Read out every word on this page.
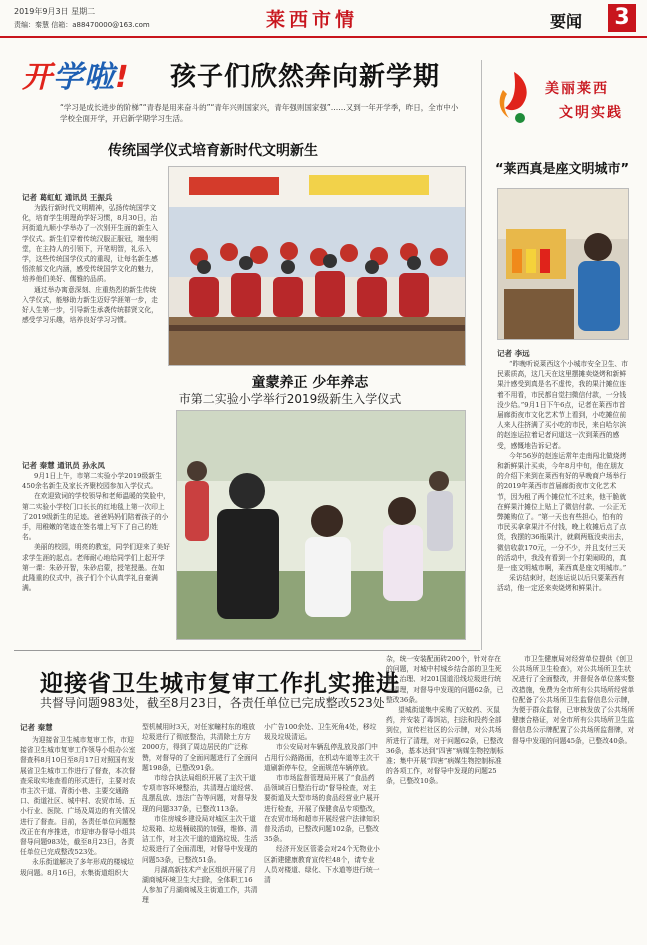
2019年9月3日 星期二
责编：秦慧 信箱：a88470000@163.com	莱西市情	要闻 3
开学啦! 孩子们欣然奔向新学期
“学习是成长进步的阶梯”“青春是用来奋斗的”“青年兴则国家兴，青年强则国家强”……又到一年开学季，昨日，全市中小学校全面开学，开启新学期学习生活。
传统国学仪式培育新时代文明新生
记者 葛虹虹 通讯员 王振兵

为践行新时代文明精神，弘扬传统国学文化，培育学生明理尚学好习惯，8月30日，治河街道九顺小学举办了一次别开生面的新生入学仪式。新生们穿着传统汉服正服冠，端坐明堂，在主持人的引领下，开笔明智，礼乐入学，这些传统国学仪式的重现，让每名新生感悟浓郁文化内涵，感受传统国学文化的魅力，培养他们美好、儒雅的品质。

通过举办寓意深刻、庄重热烈的新生传统入学仪式，能够助力新生迈好学涯第一步，走好人生第一步，引导新生承袭传统群贤文化，感受学习乐趣，培养良好学习习惯。

童蒙养正 少年养志
市第二实验小学举行2019级新生入学仪式
记者 秦慧 通讯员 孙永凤

9月1日上午，市第二实验小学2019级新生450余名新生及家长齐聚校园参加入学仪式。

在欢迎致词的学校领导和老师温暖的笑脸中，第二实验小学校门口长长的红地毯上第一次印上了2019级新生的足迹。爸爸妈妈们陪着孩子的小手，用稚嫩的笔迹在签名墙上写下了自己的姓名。

美丽的校园，明亮的教室，同学们迎来了美好求学生涯的起点。老师耐心地给同学们上起开学第一课：朱砂开智，朱砂启蒙，授笔授墨。在如此隆重的仪式中，孩子们个个认真学礼自豪满满。

美丽莱西
文明实践
“莱西真是座文明城市”
记者 李远

“昨晚听说莱西这个小城市安全卫生、市民素质高，这几天在这里摆摊卖烧烤和新鲜果汁感受到真是名不虚传，我的果汁摊位连着不用看，市民都自觉扫微信付款，一分钱没少给。”9月1日下午6点，记者在莱西市首届廊街夜市文化艺术节上看到，小吃摊位前人来人往挤满了买小吃的市民，来自哈尔滨的赵连运拉着记者问道这一次到莱西的感受，感慨地告诉记者。

今年56岁的赵连运常年走南闯北做烧烤和新鲜果汁买卖，今年8月中旬，他在朋友的介绍下来到在莱西有好的早晚商户场举行的2019年莱西市首届廊街夜市文化艺术节，因为租了两个摊位忙不过来，他干脆就在鲜果汁摊位上贴上了微信付款、一公正无弊摊购位了。“第一天也有些担心，怕有的市民买拿拿果汁不付钱，晚上收摊后点了点货，我摆的36瓶果汁，就剩两瓶没卖出去，微信收款170元，一分不少，并且支付三天的活动中，我没有看到一个打架闹殴的，真是一座文明城市啊，莱西真是座文明城市。”

采访结束时，赵连运说以后只要莱西有活动，他一定还来卖烧烤和鲜果汁。

迎接省卫生城市复审工作扎实推进
共督导问题983处，截至8月23日，各责任单位已完成整改523处
记者 秦慧

为迎接省卫生城市复审工作，市迎接省卫生城市复审工作领导小组办公室督查科8月10日至8月17日对照国有发展省卫生城市工作进行了督查，本次督查采取实地查看的形式进行，主要对农市主次干道、背街小巷、主要交通路口、街道社区、城中村、农贸市场、五小行业、医院、广场及周边的有关情况进行了督查。目前，各责任单位问题整改正在有序推进，市迎审办督导小组共督导问题983处，截至8月23日，各责任单位已完成整改523处。

永乐街道解决了多年形成的楼城垃圾问题。8月16日，水集街道组织大

型机械用时3天，对任家疃村东的堆放垃圾进行了彻底整治，共清除土方方2000方，得到了周边居民的广泛称赞，对督导的了全面问题进行了全面问题198条，已整改91条。

市综合执法局组织开展了主次干道专项市容环境整治，共清理占道经营、乱摆乱放、违法广告等问题，对督导发现的问题337条，已整改113条。

市住房城乡建设局对城区主次干道垃圾箱、垃圾桶破损的加强，维修、清洁工作，对主次干道的道路垃圾、生活垃圾进行了全面清理，对督导中发现的问题53条，已整改51条。

月湖高新技术产业区组织开展了月湖商城环境卫生大扫除，全体职工16人参加了月湖商城及主街道工作，共清理

小广告100余处、卫生死角4处，移垃圾及垃圾清运。

市公安局对车辆乱停乱放及部门中占用行公路路面，在机动车道等主次干道刷新停车位，全面规范车辆停放。

市市场监督管理局开展了“食品药品领域百日整治行动”督导检查，对主要街道及大型市场的食品经营业户展开进行检查，开展了保健食品专项整改，在农贸市场和超市开展经营户法律知识普及活动，已整改问题102条，已整改35条。

经济开发区管委会对24个无物业小区新建健康教育宣传栏48个，请专业人员对楼道、绿化、下水道等进行统一清

杂，统一安装配面砖200个，针对存在的问题，对城中村城乡结合部的卫生死角、治理、对201国道沿线垃圾进行统一清理，对督导中发现的问题62条，已整改36条。

望城街道集中采购了灭蚊药、灭鼠药，并安装了毒饵站，扫法和投药全部到位，宣传栏社区的公示牌，对公共场所进行了清理，对于问题62条，已整改36条，基本达到“四害”病媒生物控制标准；集中开展“四害”病媒生物控制标准的各项工作，对督导中发现的问题25条，已整改10条。

市卫生健康局对经营单位提供《创卫公共场所卫生检查》，对公共场所卫生状况进行了全面整改，并督促各单位落实整改措施，免费为全市所有公共场所经营单位配备了公共场所卫生监督信息公示牌，为便于群众监督，已审核发放了公共场所健康合格证，对全市所有公共场所卫生监督信息公示牌配置了公共场所监督牌，对督导中发现的问题45条，已整改40条。
